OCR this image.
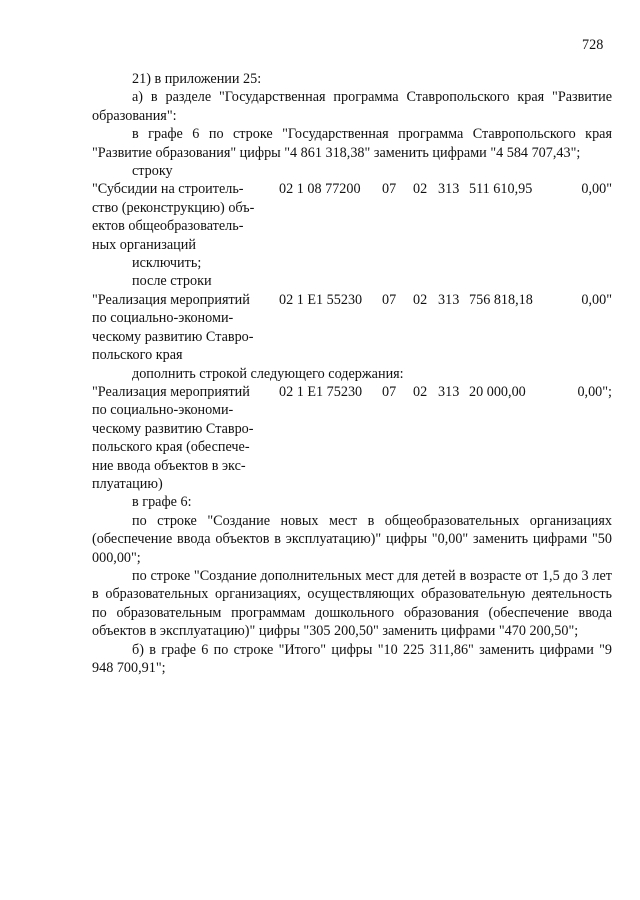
728

21) в приложении 25:

а) в разделе "Государственная программа Ставропольского края "Развитие образования":

в графе 6 по строке "Государственная программа Ставропольского края "Развитие образования" цифры "4 861 318,38" заменить цифрами "4 584 707,43";

строку

"Субсидии на строитель-
ство (реконструкцию) объ-
ектов общеобразователь-
ных организаций
02 1 08 77200 07 02 313 511 610,95	0,00"

исключить;

после строки

"Реализация мероприятий
по социально-экономи-
ческому развитию Ставро-
польского края
02 1 Е1 55230 07 02 313 756 818,18	0,00"

дополнить строкой следующего содержания:

"Реализация мероприятий
по социально-экономи-
ческому развитию Ставро-
польского края (обеспече-
ние ввода объектов в экс-
плуатацию)
02 1 Е1 75230 07 02 313 20 000,00	0,00";

в графе 6:

по строке "Создание новых мест в общеобразовательных организациях (обеспечение ввода объектов в эксплуатацию)" цифры "0,00" заменить цифрами "50 000,00";

по строке "Создание дополнительных мест для детей в возрасте от 1,5 до 3 лет в образовательных организациях, осуществляющих образовательную деятельность по образовательным программам дошкольного образования (обеспечение ввода объектов в эксплуатацию)" цифры "305 200,50" заменить цифрами "470 200,50";

б) в графе 6 по строке "Итого" цифры "10 225 311,86" заменить цифрами "9 948 700,91";
